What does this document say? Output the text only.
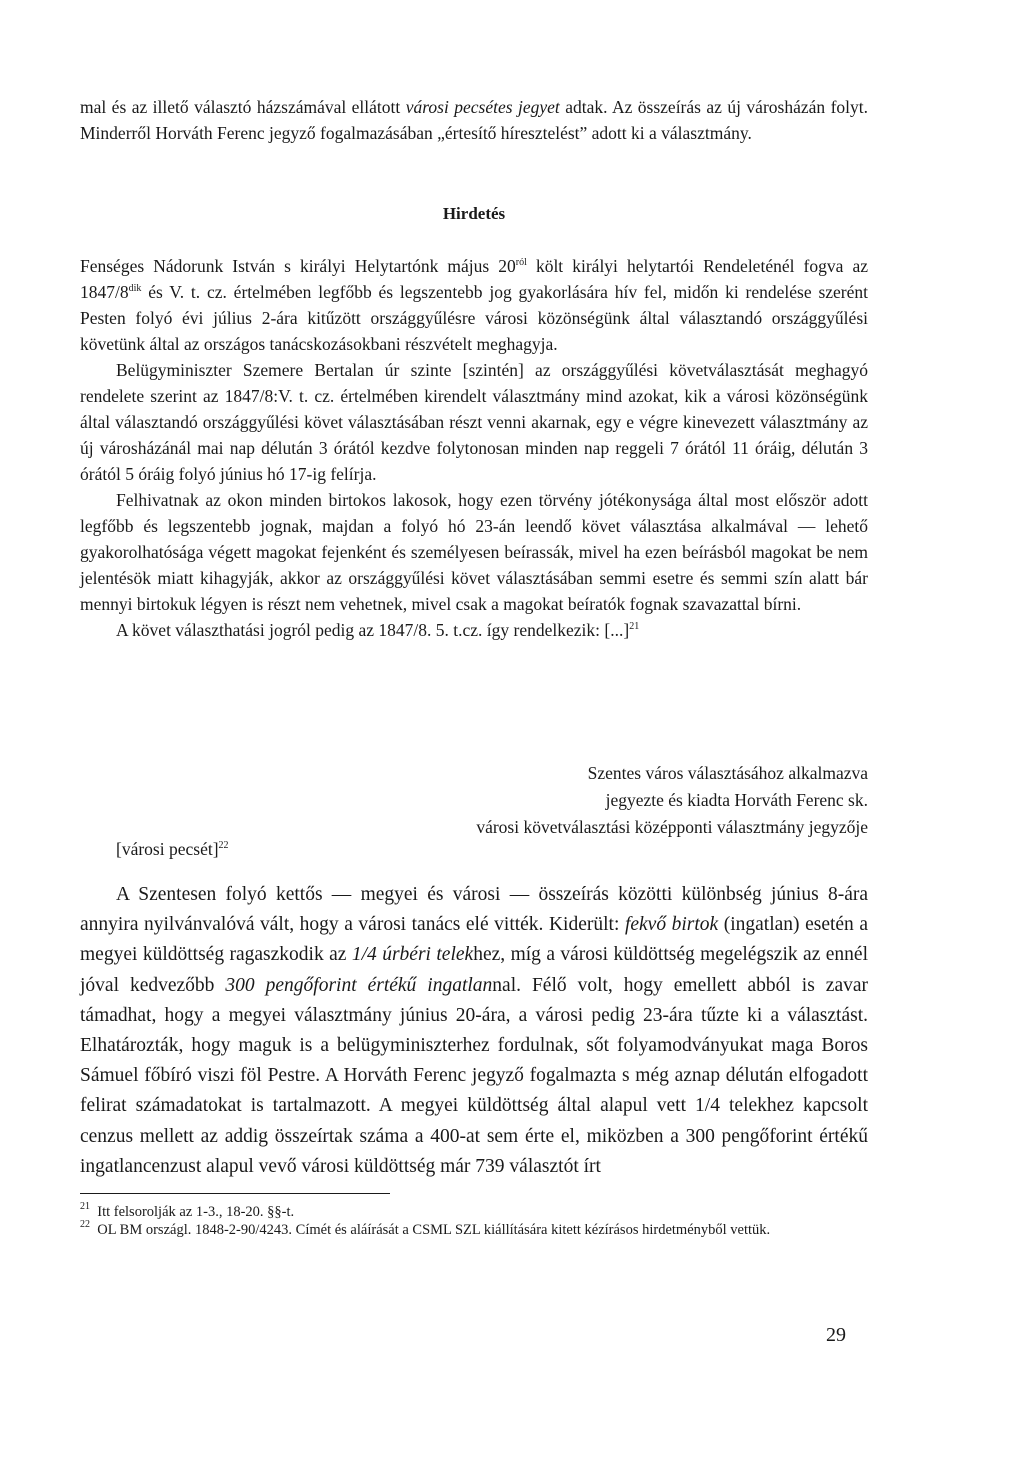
mal és az illető választó házszámával ellátott városi pecsétes jegyet adtak. Az összeírás az új városházán folyt. Minderről Horváth Ferenc jegyző fogalmazásában „értesítő híresztelést” adott ki a választmány.

Hirdetés

Fenséges Nádorunk István s királyi Helytartónk május $20^{ról}$ költ királyi helytartói Rendeleténél fogva az $1847/8^{dik}$ és V. t. cz. értelmében legfőbb és legszentebb jog gyakorlására hív fel, midőn ki rendelése szerént Pesten folyó évi július 2-ára kitűzött országgyűlésre városi közönségünk által választandó országgyűlési követünk által az országos tanácskozásokbani részvételt meghagyja.

Belügyminiszter Szemere Bertalan úr szinte [szintén] az országgyűlési követválasztását meghagyó rendelete szerint az 1847/8:V. t. cz. értelmében kirendelt választmány mind azokat, kik a városi közönségünk által választandó országgyűlési követ választásában részt venni akarnak, egy e végre kinevezett választmány az új városházánál mai nap délután 3 órától kezdve folytonosan minden nap reggeli 7 órától 11 óráig, délután 3 órától 5 óráig folyó június hó 17-ig felírja.

Felhivatnak az okon minden birtokos lakosok, hogy ezen törvény jótékonysága által most először adott legfőbb és legszentebb jognak, majdan a folyó hó 23-án leendő követ választása alkalmával — lehető gyakorolhatósága végett magokat fejenként és személyesen beírassák, mivel ha ezen beírásból magokat be nem jelentésök miatt kihagyják, akkor az országgyűlési követ választásában semmi esetre és semmi szín alatt bár mennyi birtokuk légyen is részt nem vehetnek, mivel csak a magokat beíratók fognak szavazattal bírni.

A követ választhatási jogról pedig az 1847/8. 5. t.cz. így rendelkezik: [...]$^{21}$

Szentes város választásához alkalmazva
jegyezte és kiadta Horváth Ferenc sk.
városi követválasztási középponti választmány jegyzője
[városi pecsét]$^{22}$

A Szentesen folyó kettős — megyei és városi — összeírás közötti különbség június 8-ára annyira nyilvánvalóvá vált, hogy a városi tanács elé vitték. Kiderült: fekvő birtok (ingatlan) esetén a megyei küldöttség ragaszkodik az 1/4 úrbéri telekhez, míg a városi küldöttség megelégszik az ennél jóval kedvezőbb 300 pengőforint értékű ingatlannal. Félő volt, hogy emellett abból is zavar támadhat, hogy a megyei választmány június 20-ára, a városi pedig 23-ára tűzte ki a választást. Elhatározták, hogy maguk is a belügyminiszterhez fordulnak, sőt folyamodványukat maga Boros Sámuel főbíró viszi föl Pestre. A Horváth Ferenc jegyző fogalmazta s még aznap délután elfogadott felirat számadatokat is tartalmazott. A megyei küldöttség által alapul vett 1/4 telekhez kapcsolt cenzus mellett az addig összeírtak száma a 400-at sem érte el, miközben a 300 pengőforint értékű ingatlancenzust alapul vevő városi küldöttség már 739 választót írt

$^{21}$ Itt felsorolják az 1-3., 18-20. §§-t.

$^{22}$ OL BM országl. 1848-2-90/4243. Címét és aláírását a CSML SZL kiállítására kitett kézírásos hirdetményből vettük.

29
